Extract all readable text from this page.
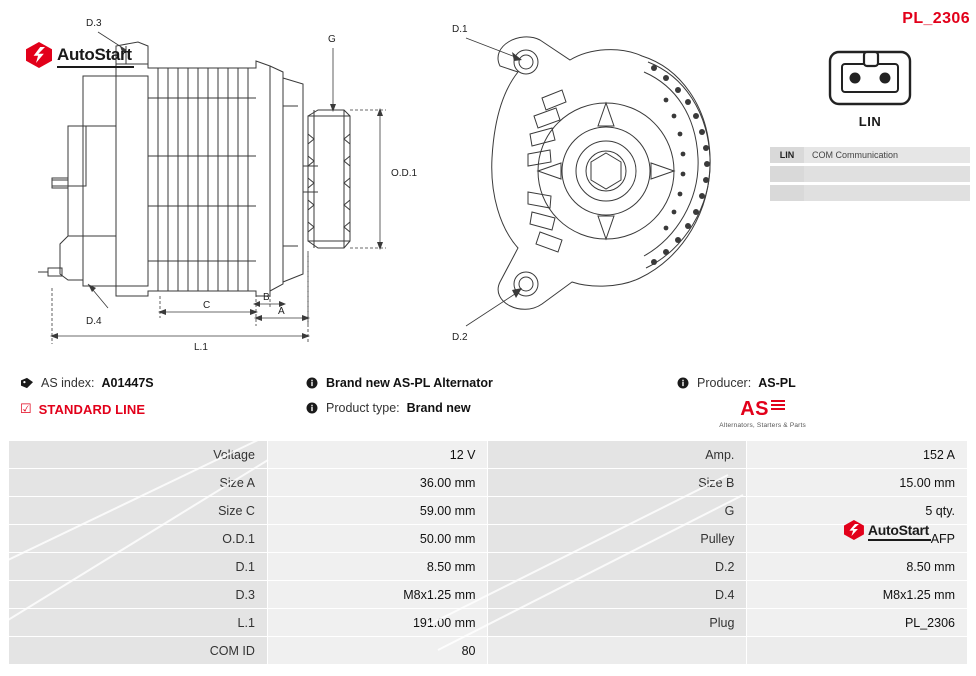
G
D.3
D.4
O.D.1
A
B
C
L.1
AutoStart
D.1
D.2
PL_2306
LIN
LIN	COM Communication
AS index: A01447S
☑ STANDARD LINE
Brand new AS-PL Alternator
Product type: Brand new
Producer: AS-PL
AS
Alternators, Starters & Parts
Voltage	12 V	Amp.	152 A
Size A	36.00 mm	Size B	15.00 mm
Size C	59.00 mm	G	5 qty.
O.D.1	50.00 mm	Pulley	AFP
AutoStart

D.1	8.50 mm	D.2	8.50 mm
D.3	M8x1.25 mm	D.4	M8x1.25 mm
L.1	191.00 mm	Plug	PL_2306
COM ID	80		
